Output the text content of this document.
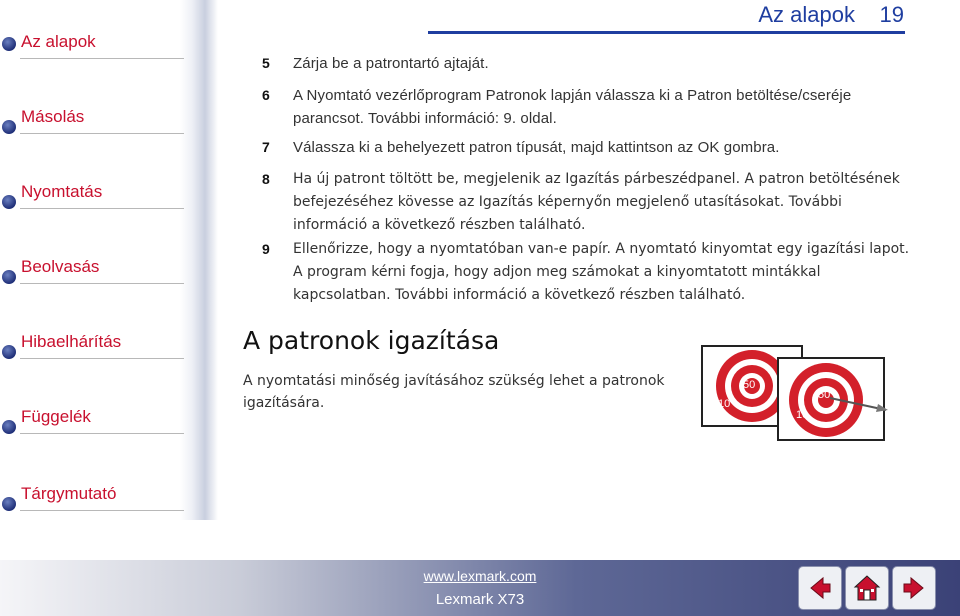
Az alapok	19
Az alapok
Másolás
Nyomtatás
Beolvasás
Hibaelhárítás
Függelék
Tárgymutató
5 Zárja be a patrontartó ajtaját.
6 A Nyomtató vezérlőprogram Patronok lapján válassza ki a Patron betöltése/cseréje parancsot. További információ: 9. oldal.
7 Válassza ki a behelyezett patron típusát, majd kattintson az OK gombra.
8 Ha új patront töltött be, megjelenik az Igazítás párbeszédpanel. A patron betöltésének befejezéséhez kövesse az Igazítás képernyőn megjelenő utasításokat. További információ a következő részben található.
9 Ellenőrizze, hogy a nyomtatóban van-e papír. A nyomtató kinyomtat egy igazítási lapot. A program kérni fogja, hogy adjon meg számokat a kinyomtatott mintákkal kapcsolatban. További információ a következő részben található.
A patronok igazítása
A nyomtatási minőség javításához szükség lehet a patronok igazítására.
50
10
50
10
www.lexmark.com
Lexmark X73
